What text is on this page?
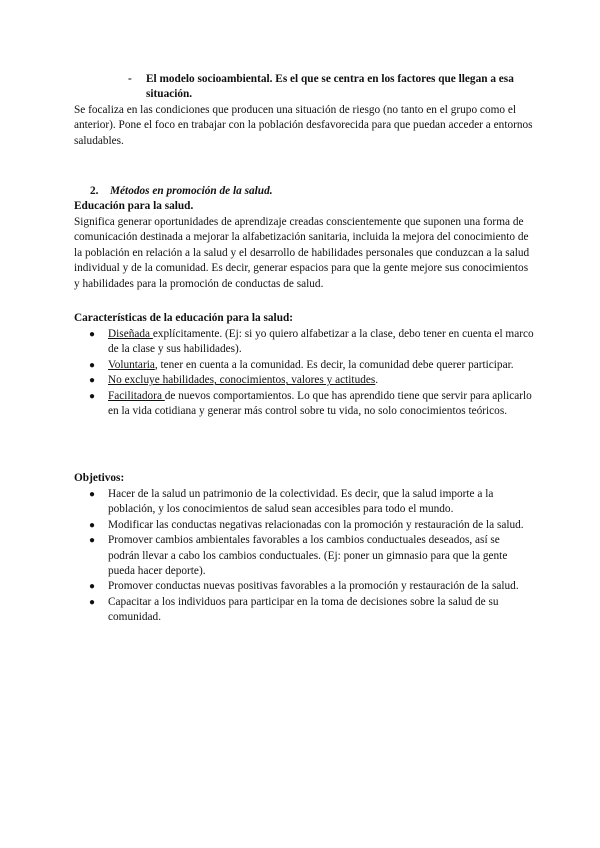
- El modelo socioambiental. Es el que se centra en los factores que llegan a esa situación.

Se focaliza en las condiciones que producen una situación de riesgo (no tanto en el grupo como el anterior). Pone el foco en trabajar con la población desfavorecida para que puedan acceder a entornos saludables.

2. Métodos en promoción de la salud.

Educación para la salud.

Significa generar oportunidades de aprendizaje creadas conscientemente que suponen una forma de comunicación destinada a mejorar la alfabetización sanitaria, incluida la mejora del conocimiento de la población en relación a la salud y el desarrollo de habilidades personales que conduzcan a la salud individual y de la comunidad. Es decir, generar espacios para que la gente mejore sus conocimientos y habilidades para la promoción de conductas de salud.

Características de la educación para la salud:

● Diseñada explícitamente. (Ej: si yo quiero alfabetizar a la clase, debo tener en cuenta el marco de la clase y sus habilidades).
● Voluntaria, tener en cuenta a la comunidad. Es decir, la comunidad debe querer participar.
● No excluye habilidades, conocimientos, valores y actitudes.
● Facilitadora de nuevos comportamientos. Lo que has aprendido tiene que servir para aplicarlo en la vida cotidiana y generar más control sobre tu vida, no solo conocimientos teóricos.

Objetivos:

● Hacer de la salud un patrimonio de la colectividad. Es decir, que la salud importe a la población, y los conocimientos de salud sean accesibles para todo el mundo.
● Modificar las conductas negativas relacionadas con la promoción y restauración de la salud.
● Promover cambios ambientales favorables a los cambios conductuales deseados, así se podrán llevar a cabo los cambios conductuales. (Ej: poner un gimnasio para que la gente pueda hacer deporte).
● Promover conductas nuevas positivas favorables a la promoción y restauración de la salud.
● Capacitar a los individuos para participar en la toma de decisiones sobre la salud de su comunidad.
